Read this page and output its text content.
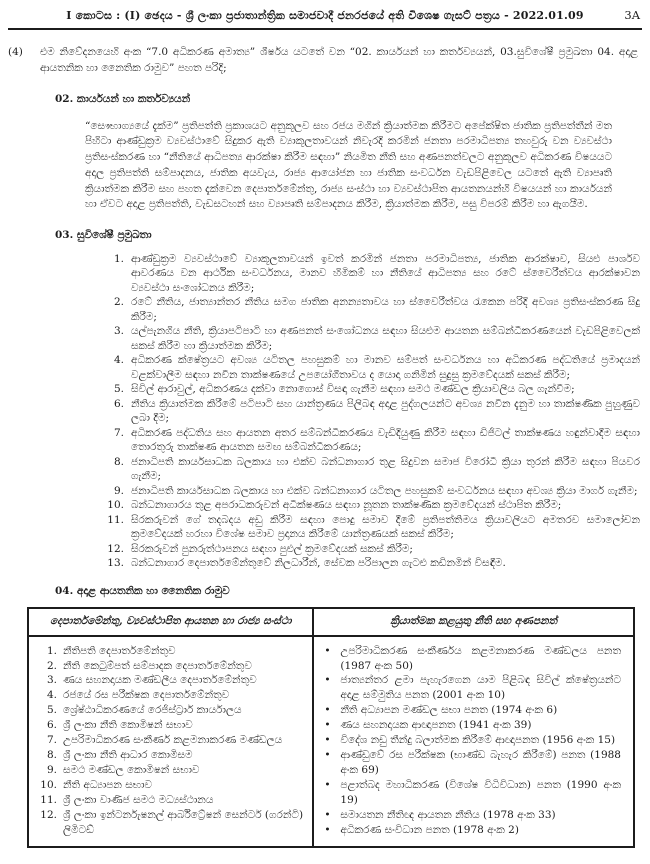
I කොටස : (I) ඡෙදය - ශ්‍රී ලංකා ප්‍රජාතාන්ත්‍රික සමාජවාදී ජනරජයේ අති විශෙෂ ගැසට් පත්‍රය - 2022.01.09	3A
(4)	එම නිවේදනයෙහි අංක “7.0 අධිකරණ අමාත්‍ය” ශීර්ෂය යටතේ වන “02. කාර්යයන් හා කර්තව්‍යයන්, 03.සුවිශේෂී ප්‍රමුඛතා 04. අදාළ ආයතනික හා නෛතික රාමුව” පහත පරිදි;
02. කාර්යයන් හා කර්තව්‍යයන්
“සෞභාග්‍යයේ දැක්ම” ප්‍රතිපත්ති ප්‍රකාශයට අනුකූලව සහ රජය මගින් ක්‍රියාත්මක කිරීමට අපේක්ෂිත ජාතික ප්‍රතිපත්තීන් මත පිහිටා ආණ්ඩුක්‍රම ව්‍යවස්ථාවේ සිදුකර ඇති ව්‍යාකූලතාවයන් නිවැරදි කරමින් ජනතා පරමාධිපත්‍ය තහවුරු වන ව්‍යවස්ථා ප්‍රතිසංස්කරණ හා “නීතියේ ආධිපත්‍ය ආරක්ෂා කිරීම සඳහා” නියමිත නීති සහ අණපනත්වලට අනුකූලව අධිකරණ විෂයයට අදාල ප්‍රතිපත්ති සම්පාදනය, ජාතික අයවැය, රාජ්‍ය ආයෝජන හා ජාතික සංවර්ධන වැඩපිළිවෙල යටතේ ඇති ව්‍යාපෘති ක්‍රියාත්මක කිරීම සහ පහත දැක්වෙන දෙපාර්තමේන්තු, රාජ්‍ය සංස්ථා හා ව්‍යවස්ථාපිත ආයතනයන්හි විෂයයන් හා කාර්යයන් හා ඒවට අදාළ ප්‍රතිපත්ති, වැඩසටහන් සහ ව්‍යාපෘති සම්පාදනය කිරීම, ක්‍රියාත්මක කිරීම, පසු විපරම් කිරීම හා ඇගයීම.
03. සුවිශේෂී ප්‍රමුඛතා
1. ආණ්ඩුක්‍රම ව්‍යවස්ථාවේ ව්‍යාකූලතාවයන් ඉවත් කරමින් ජනතා පරමාධිපත්‍ය, ජාතික ආරක්ෂාව, සියළු පාර්ශව ආවරණය වන ආර්ථික සංවර්ධනය, මානව හිමිකම් හා නීතියේ ආධිපත්‍ය සහ රටේ ස්වෛරීත්වය ආරක්ෂාවන ව්‍යවස්ථා සංශෝධනය කිරීම;
2. රටේ නීතිය, ජාත්‍යාන්තර නීතිය සමග ජාතික අනන්‍යතාවය හා ස්වෛරීත්වය රැකෙන පරිදි අවශ්‍ය ප්‍රතිසංස්කරණ සිදු කිරීම;
3. යල්පැනගිය නීති, ක්‍රියාපටිපාටි හා අණපනත් සංශෝධනය සඳහා සියළුම ආයතන සම්බන්ධීකරණයෙන් වැඩපිළිවෙලක් සකස් කිරීම හා ක්‍රියාත්මක කිරීම;
4. අධිකරණ ක්ෂේත්‍රයට අවශ්‍ය යටිතල පහසුකම් හා මානව සම්පත් සංවර්ධනය හා අධිකරණ පද්ධතියේ ප්‍රමාදයන් වළක්වාලීම සඳහා නවීන තාක්ෂණයේ උපයෝගීතාවය ද යොදා ගනිමින් සුදුසු ක්‍රමවේදයක් සකස් කිරීම;
5. සිවිල් ආරාවුල්, අධිකරණය දක්වා නොගොස් විසඳා ගැනීම සඳහා සමථ මණ්ඩල ක්‍රියාවලිය බල ගැන්වීම;
6. නීතිය ක්‍රියාත්මක කිරීමේ පටිපාටි සහ යාන්ත්‍රණය පිලිබඳ අදාළ පුද්ගලයන්ට අවශ්‍ය නවීන දැනුම හා තාක්ෂණික පුහුණුව ලබා දීම;
7. අධිකරණ පද්ධතිය සහ ආයතන අතර සම්බන්ධීකරණය වැඩිදියුණු කිරීම සඳහා ඩිජිටල් තාක්ෂණය හඳුන්වාදීම සඳහා තොරතුරු තාක්ෂණ ආයතන සමඟ සම්බන්ධීකරණය;
8. ජනාධිපති කාර්යසාධක බලකාය හා එක්ව බන්ධනාගාර තුළ සිදුවන සමාජ විරෝධී ක්‍රියා තුරන් කිරීම සඳහා පියවර ගැනීම;
9. ජනාධිපති කාර්යසාධක බලකාය හා එක්ව බන්ධනාගාර යටිතල පහසුකම් සංවර්ධනය සඳහා අවශ්‍ය ක්‍රියා මාර්ග ගැනීම;
10. බන්ධනාගාරය තුළ අපරාධකරුවන් අධීක්ෂණය සඳහා නූතන තාක්ෂණික ක්‍රමවේදයන් ස්ථාපිත කිරීම;
11. සිරකරුවන් ගේ තදබදය අඩු කිරීම සඳහා පොදු සමාව දීමේ ප්‍රතිපත්තිමය ක්‍රියාවලියට අමතරව සමාලෝචන ක්‍රමවේදයක් හරහා විශේෂ සමාව ප්‍රදානය කිරීමේ යාන්ත්‍රණයක් සකස් කිරීම;
12. සිරකරුවන් පුනරුත්ථාපනය සඳහා පුළුල් ක්‍රමවේදයක් සකස් කිරීම;
13. බන්ධනාගාර දෙපාර්තමේන්තුවේ නිලධාරීන්, සේවක පරිපාලන ගැටළු කඩිනමින් විසඳීම.
04. අදාළ ආයතනික හා නෛතික රාමුව
දෙපාර්තමේන්තු, ව්‍යවස්ථාපිත ආයතන හා රාජ්‍ය සංස්ථා	ක්‍රියාත්මක කළයුතු නීති සහ අණපනත්

1. නීතිපති දෙපාර්තමේන්තුව
2. නීති කෙටුම්පත් සම්පාදක දෙපාර්තමේන්තුව
3. ණය සහනදායක මණ්ඩලීය දෙපාර්තමේන්තුව
4. රජයේ රස පරීක්ෂක දෙපාර්තමේන්තුව
5. ශ්‍රේෂ්ඨාධිකරණයේ රෙජිස්ට්‍රාර් කාර්යාලය
6. ශ්‍රී ලංකා නීති කොමිෂන් සභාව
7. උපරිමාධිකරණ සංකීර්ණ කළමනාකරණ මණ්ඩලය
8. ශ්‍රී ලංකා නීති ආධාර කොමිසම
9. සමථ මණ්ඩල කොමිෂන් සභාව
10. නීති අධ්‍යාපන සභාව
11. ශ්‍රී ලංකා වාණිජ සමථ මධ්‍යස්ථානය
12. ශ්‍රී ලංකා ඉන්ටර්නැෂනල් ආර්බිට්‍රේෂන් සෙන්ටර් (ගරන්ටි) ලිමිටඩ්

• උපරිමාධිකරණ සංකීර්ණය කළමනාකරණ මණ්ඩලය පනත (1987 අංක 50)
• ජාත්‍යන්තර ළමා පැහැරගෙන යාම පිළිබඳ සිවිල් ක්ෂේත්‍රයන්ට අදාළ සම්මුතිය පනත (2001 අංක 10)
• නීති අධ්‍යාපන මණ්ඩල සභා පනත (1974 අංක 6)
• ණය සහනදායක ආඥාපනත (1941 අංක 39)
• විදේශ නඩු තීන්දු බලාත්මක කිරීමේ ආඥාපනත (1956 අංක 15)
• ආණ්ඩුවේ රස පරීක්ෂක (භාණ්ඩ බැහැර කිරීමේ) පනත (1988 අංක 69)
• පළාත්බද මහාධිකරණ (විශේෂ විධිවිධාන) පනත (1990 අංක 19)
• සමායතන නීතිඥ ආයතන නීතිය (1978 අංක 33)
• අධිකරණ සංවිධාන පනත (1978 අංක 2)
